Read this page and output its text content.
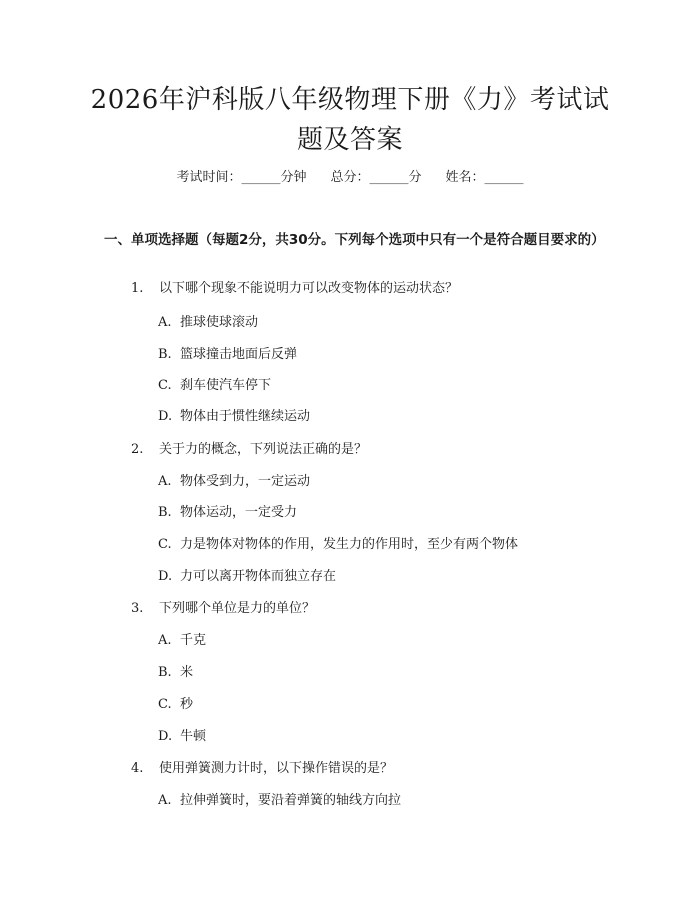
2026年沪科版八年级物理下册《力》考试试题及答案
考试时间：______分钟 总分：______分 姓名：______
一、单项选择题（每题2分，共30分。下列每个选项中只有一个是符合题目要求的）
1. 以下哪个现象不能说明力可以改变物体的运动状态？
A. 推球使球滚动
B. 篮球撞击地面后反弹
C. 刹车使汽车停下
D. 物体由于惯性继续运动
2. 关于力的概念，下列说法正确的是？
A. 物体受到力，一定运动
B. 物体运动，一定受力
C. 力是物体对物体的作用，发生力的作用时，至少有两个物体
D. 力可以离开物体而独立存在
3. 下列哪个单位是力的单位？
A. 千克
B. 米
C. 秒
D. 牛顿
4. 使用弹簧测力计时，以下操作错误的是？
A. 拉伸弹簧时，要沿着弹簧的轴线方向拉
